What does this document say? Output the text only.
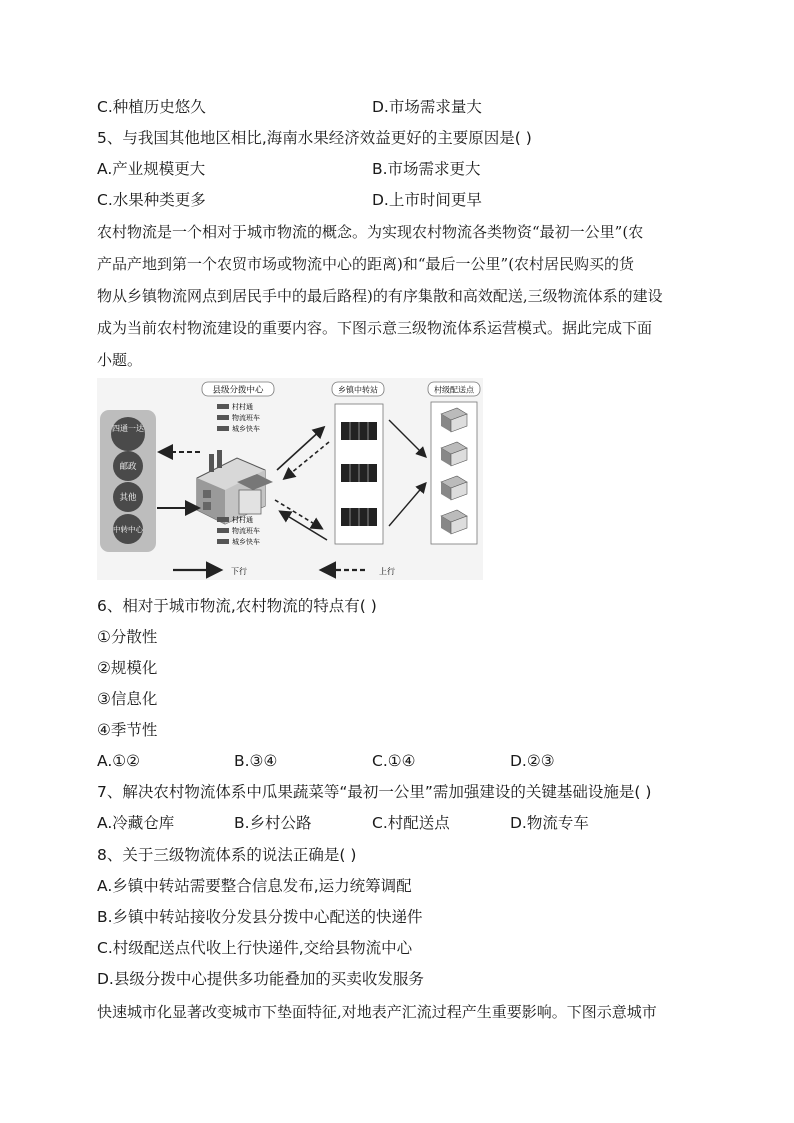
C.种植历史悠久	D.市场需求量大
5、与我国其他地区相比,海南水果经济效益更好的主要原因是( )
A.产业规模更大	B.市场需求更大
C.水果种类更多	D.上市时间更早
农村物流是一个相对于城市物流的概念。为实现农村物流各类物资“最初一公里”(农
产品产地到第一个农贸市场或物流中心的距离)和“最后一公里”(农村居民购买的货
物从乡镇物流网点到居民手中的最后路程)的有序集散和高效配送,三级物流体系的建设
成为当前农村物流建设的重要内容。下图示意三级物流体系运营模式。据此完成下面
小题。
四通一达
邮政
其他
中转中心
县级分拨中心
村村通
物流班车
城乡快车
村村通
物流班车
城乡快车
乡镇中转站	村级配送点
下行	上行
6、相对于城市物流,农村物流的特点有( )
①分散性
②规模化
③信息化
④季节性
A.①②	B.③④	C.①④	D.②③
7、解决农村物流体系中瓜果蔬菜等“最初一公里”需加强建设的关键基础设施是( )
A.冷藏仓库	B.乡村公路	C.村配送点	D.物流专车
8、关于三级物流体系的说法正确是( )
A.乡镇中转站需要整合信息发布,运力统筹调配
B.乡镇中转站接收分发县分拨中心配送的快递件
C.村级配送点代收上行快递件,交给县物流中心
D.县级分拨中心提供多功能叠加的买卖收发服务
快速城市化显著改变城市下垫面特征,对地表产汇流过程产生重要影响。下图示意城市
